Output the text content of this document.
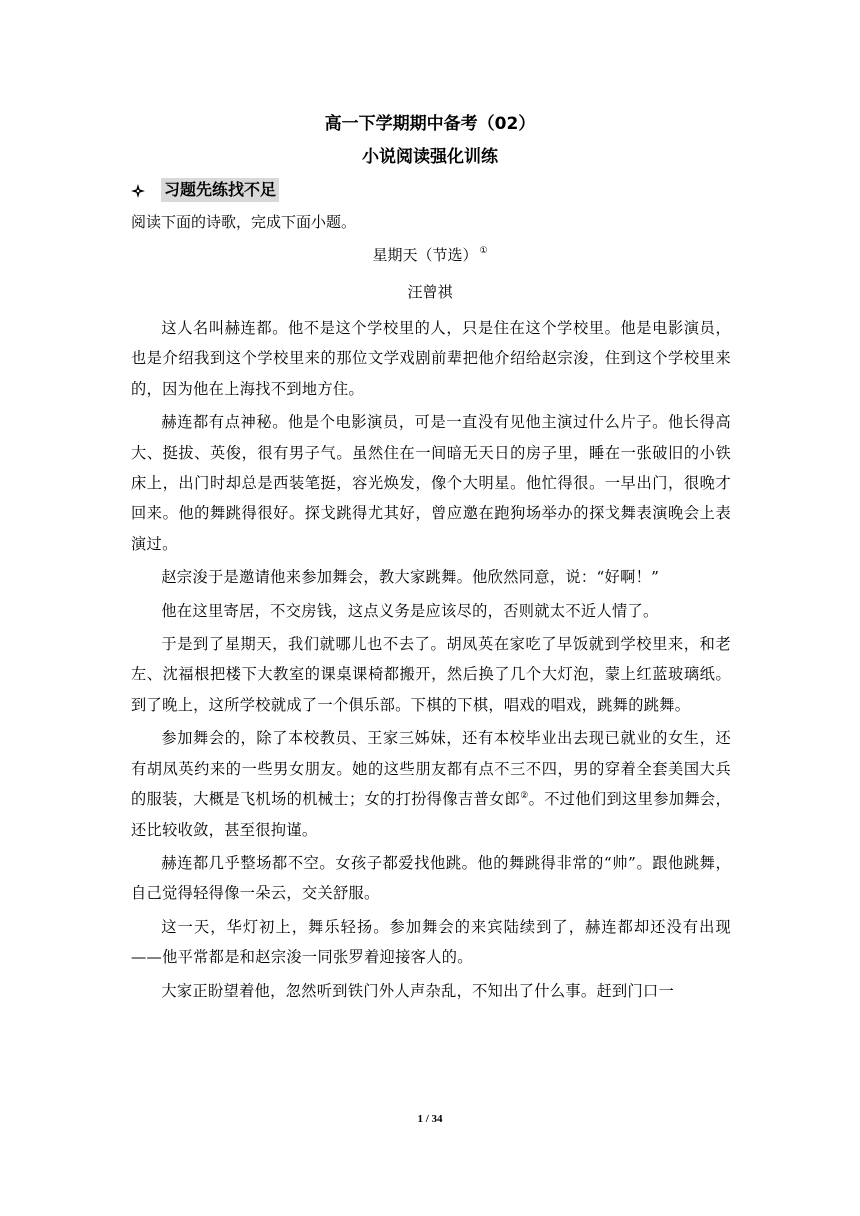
高一下学期期中备考（02）
小说阅读强化训练
习题先练找不足
阅读下面的诗歌，完成下面小题。
星期天（节选） ①
汪曾祺

这人名叫赫连都。他不是这个学校里的人，只是住在这个学校里。他是电影演员，也是介绍我到这个学校里来的那位文学戏剧前辈把他介绍给赵宗浚，住到这个学校里来的，因为他在上海找不到地方住。

赫连都有点神秘。他是个电影演员，可是一直没有见他主演过什么片子。他长得高大、挺拔、英俊，很有男子气。虽然住在一间暗无天日的房子里，睡在一张破旧的小铁床上，出门时却总是西装笔挺，容光焕发，像个大明星。他忙得很。一早出门，很晚才回来。他的舞跳得很好。探戈跳得尤其好，曾应邀在跑狗场举办的探戈舞表演晚会上表演过。

赵宗浚于是邀请他来参加舞会，教大家跳舞。他欣然同意，说：“好啊！”

他在这里寄居，不交房钱，这点义务是应该尽的，否则就太不近人情了。

于是到了星期天，我们就哪儿也不去了。胡凤英在家吃了早饭就到学校里来，和老左、沈福根把楼下大教室的课桌课椅都搬开，然后换了几个大灯泡，蒙上红蓝玻璃纸。到了晚上，这所学校就成了一个俱乐部。下棋的下棋，唱戏的唱戏，跳舞的跳舞。

参加舞会的，除了本校教员、王家三姊妹，还有本校毕业出去现已就业的女生，还有胡凤英约来的一些男女朋友。她的这些朋友都有点不三不四，男的穿着全套美国大兵的服装，大概是飞机场的机械士；女的打扮得像吉普女郎②。不过他们到这里参加舞会，还比较收敛，甚至很拘谨。

赫连都几乎整场都不空。女孩子都爱找他跳。他的舞跳得非常的“帅”。跟他跳舞，自己觉得轻得像一朵云，交关舒服。

这一天，华灯初上，舞乐轻扬。参加舞会的来宾陆续到了，赫连都却还没有出现——他平常都是和赵宗浚一同张罗着迎接客人的。

大家正盼望着他，忽然听到铁门外人声杂乱，不知出了什么事。赶到门口一

1 / 34
